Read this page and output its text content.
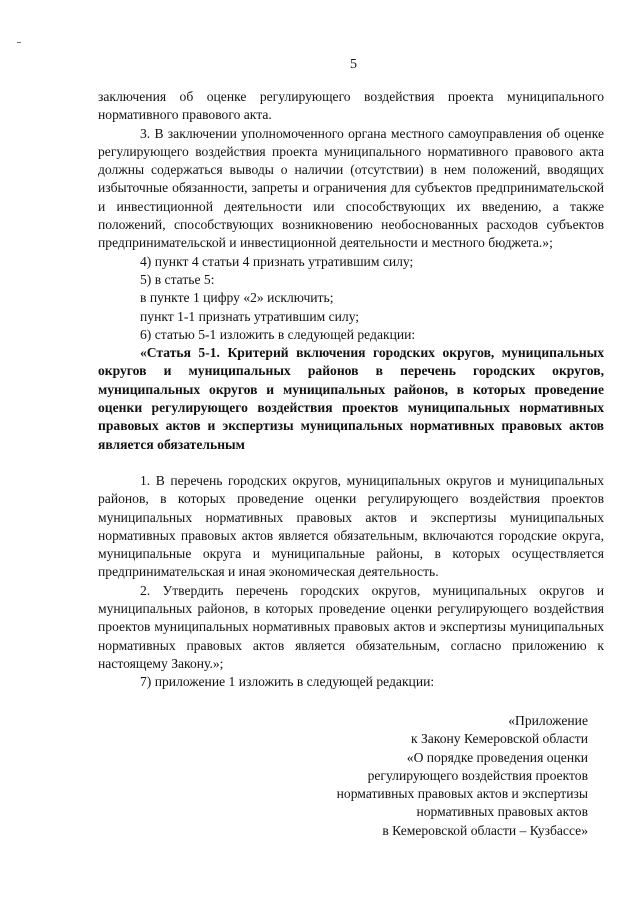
5

заключения об оценке регулирующего воздействия проекта муниципального нормативного правового акта.

3. В заключении уполномоченного органа местного самоуправления об оценке регулирующего воздействия проекта муниципального нормативного правового акта должны содержаться выводы о наличии (отсутствии) в нем положений, вводящих избыточные обязанности, запреты и ограничения для субъектов предпринимательской и инвестиционной деятельности или способствующих их введению, а также положений, способствующих возникновению необоснованных расходов субъектов предпринимательской и инвестиционной деятельности и местного бюджета.»;

4) пункт 4 статьи 4 признать утратившим силу;

5) в статье 5:

в пункте 1 цифру «2» исключить;

пункт 1-1 признать утратившим силу;

6) статью 5-1 изложить в следующей редакции:

«Статья 5-1. Критерий включения городских округов, муниципальных округов и муниципальных районов в перечень городских округов, муниципальных округов и муниципальных районов, в которых проведение оценки регулирующего воздействия проектов муниципальных нормативных правовых актов и экспертизы муниципальных нормативных правовых актов является обязательным

1. В перечень городских округов, муниципальных округов и муниципальных районов, в которых проведение оценки регулирующего воздействия проектов муниципальных нормативных правовых актов и экспертизы муниципальных нормативных правовых актов является обязательным, включаются городские округа, муниципальные округа и муниципальные районы, в которых осуществляется предпринимательская и иная экономическая деятельность.

2. Утвердить перечень городских округов, муниципальных округов и муниципальных районов, в которых проведение оценки регулирующего воздействия проектов муниципальных нормативных правовых актов и экспертизы муниципальных нормативных правовых актов является обязательным, согласно приложению к настоящему Закону.»;

7) приложение 1 изложить в следующей редакции:

«Приложение
к Закону Кемеровской области
«О порядке проведения оценки
регулирующего воздействия проектов
нормативных правовых актов и экспертизы
нормативных правовых актов
в Кемеровской области – Кузбассе»
